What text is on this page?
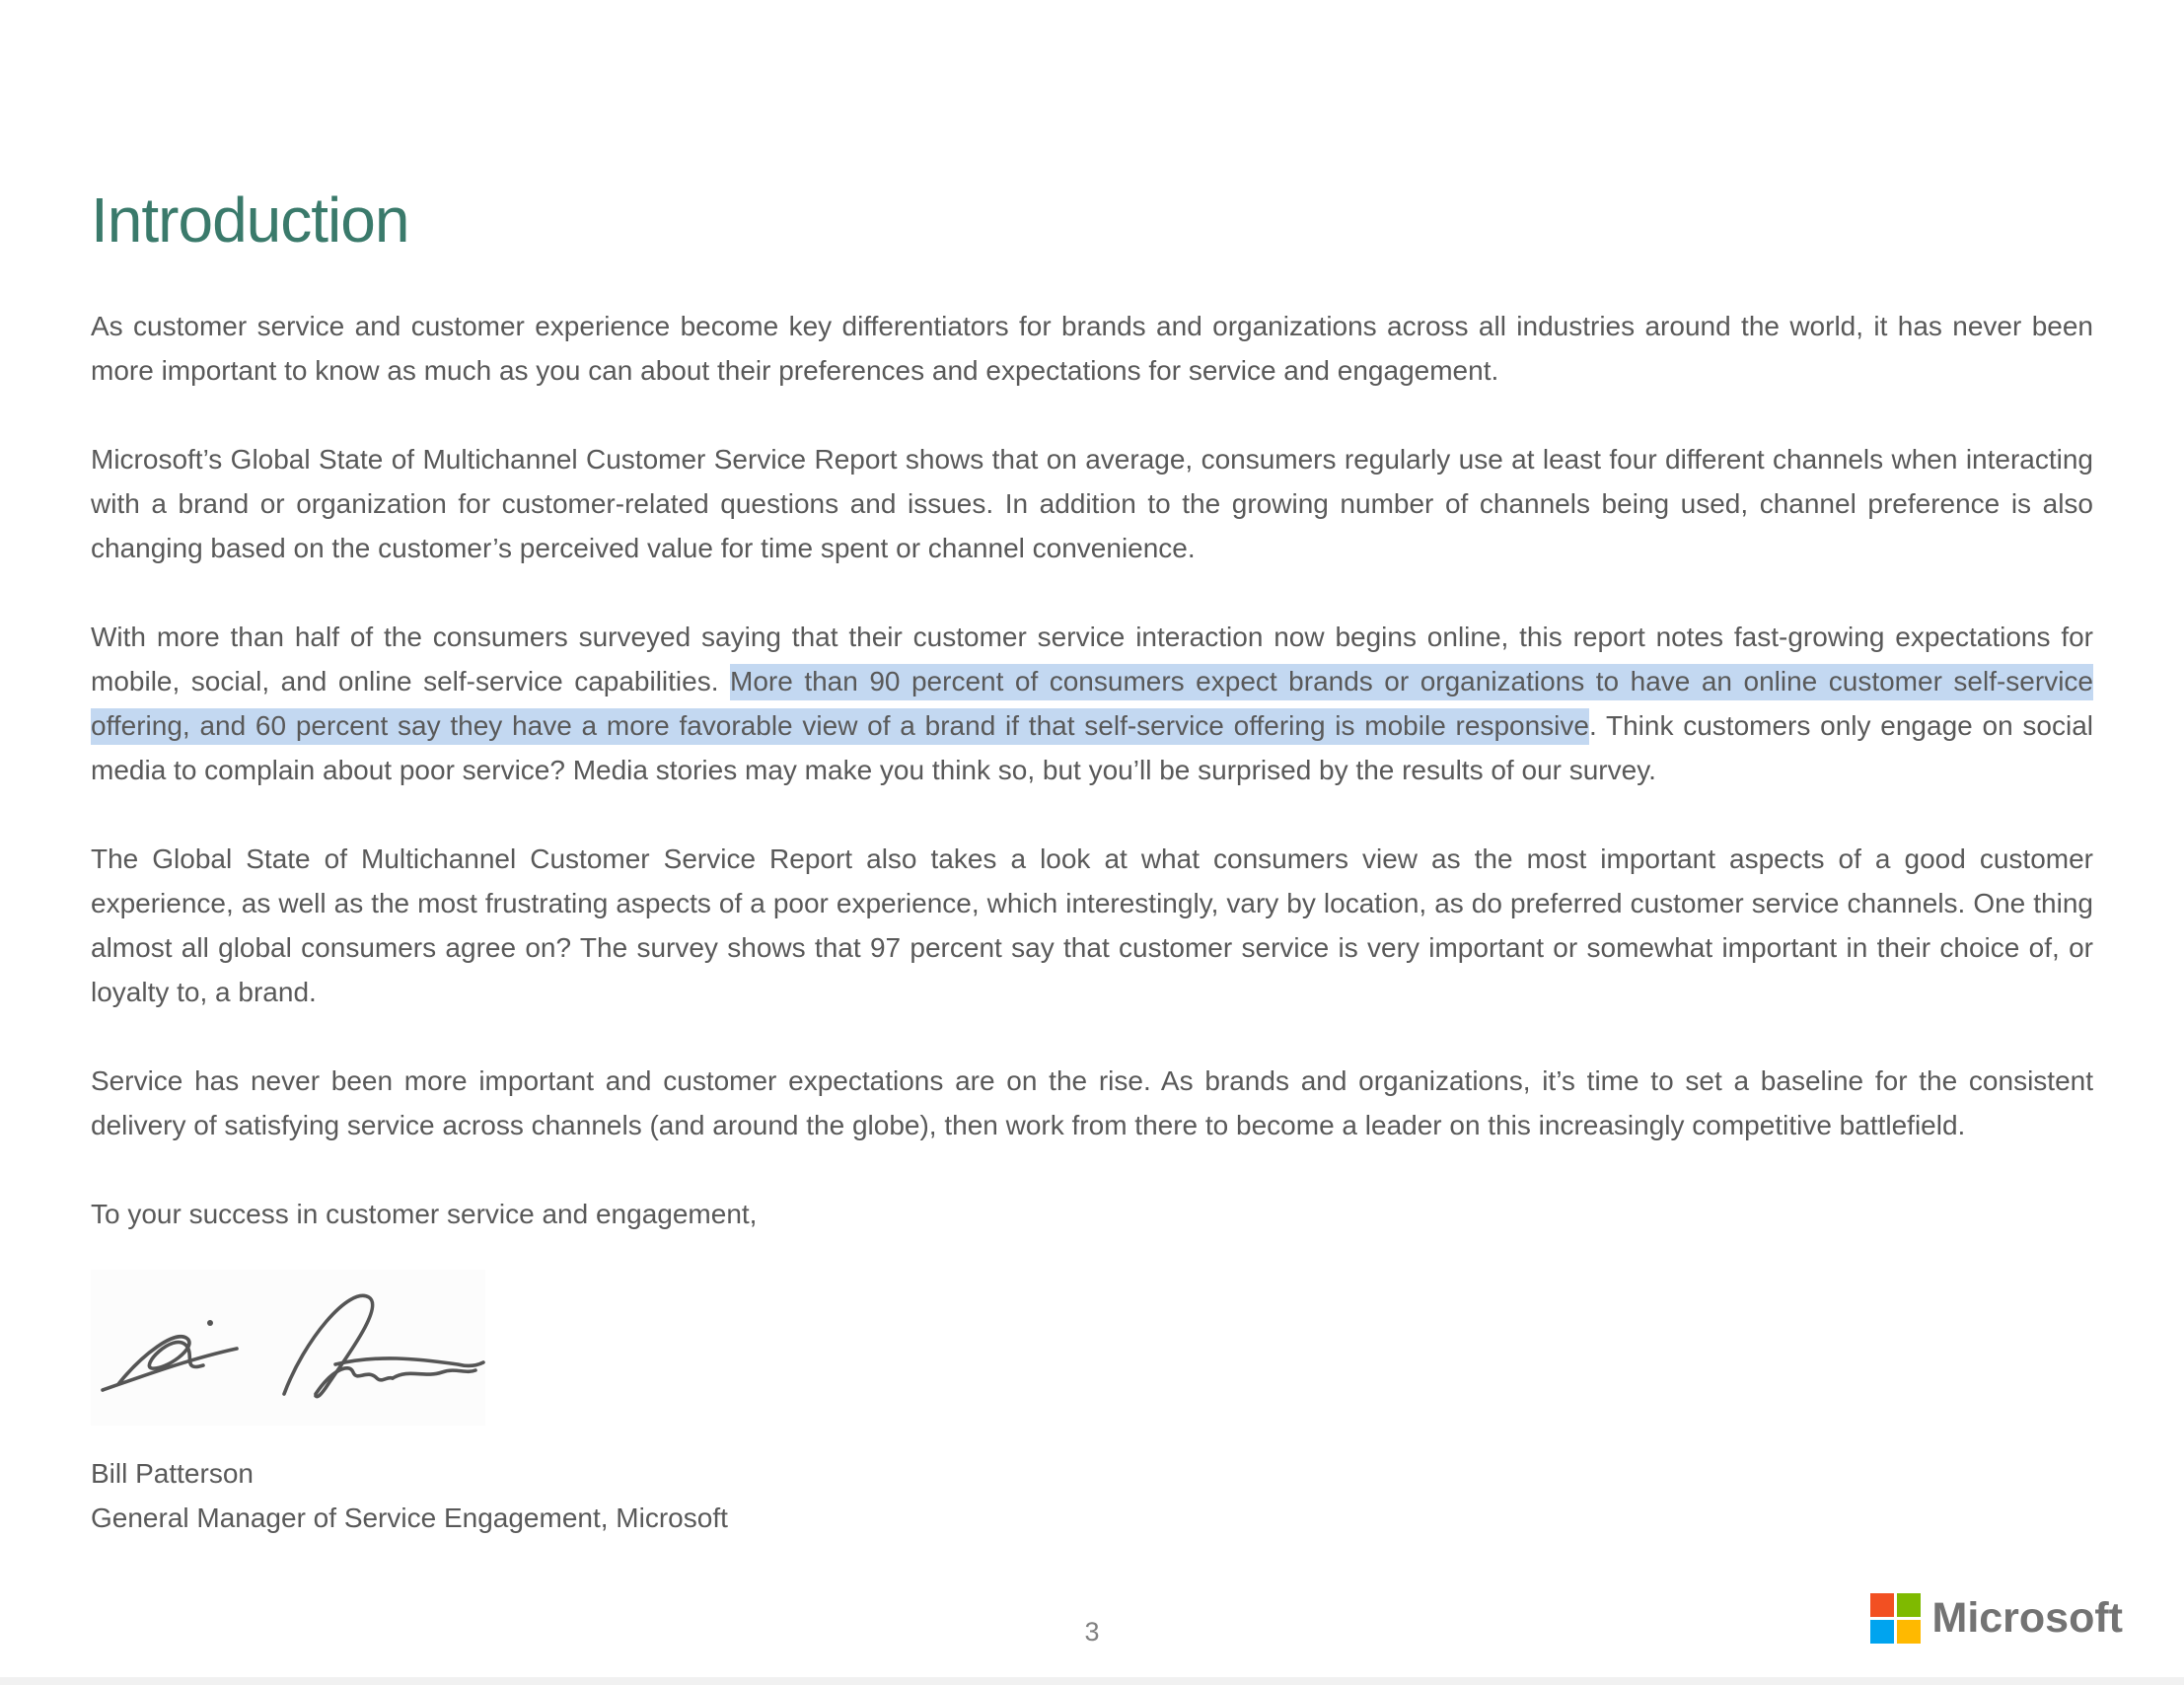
Introduction

As customer service and customer experience become key differentiators for brands and organizations across all industries around the world, it has never been more important to know as much as you can about their preferences and expectations for service and engagement.

Microsoft’s Global State of Multichannel Customer Service Report shows that on average, consumers regularly use at least four different channels when interacting with a brand or organization for customer-related questions and issues. In addition to the growing number of channels being used, channel preference is also changing based on the customer’s perceived value for time spent or channel convenience.

With more than half of the consumers surveyed saying that their customer service interaction now begins online, this report notes fast-growing expectations for mobile, social, and online self-service capabilities. More than 90 percent of consumers expect brands or organizations to have an online customer self-service offering, and 60 percent say they have a more favorable view of a brand if that self-service offering is mobile responsive. Think customers only engage on social media to complain about poor service? Media stories may make you think so, but you’ll be surprised by the results of our survey.

The Global State of Multichannel Customer Service Report also takes a look at what consumers view as the most important aspects of a good customer experience, as well as the most frustrating aspects of a poor experience, which interestingly, vary by location, as do preferred customer service channels. One thing almost all global consumers agree on? The survey shows that 97 percent say that customer service is very important or somewhat important in their choice of, or loyalty to, a brand.

Service has never been more important and customer expectations are on the rise. As brands and organizations, it’s time to set a baseline for the consistent delivery of satisfying service across channels (and around the globe), then work from there to become a leader on this increasingly competitive battlefield.

To your success in customer service and engagement,

Bill Patterson
General Manager of Service Engagement, Microsoft
3	Microsoft
